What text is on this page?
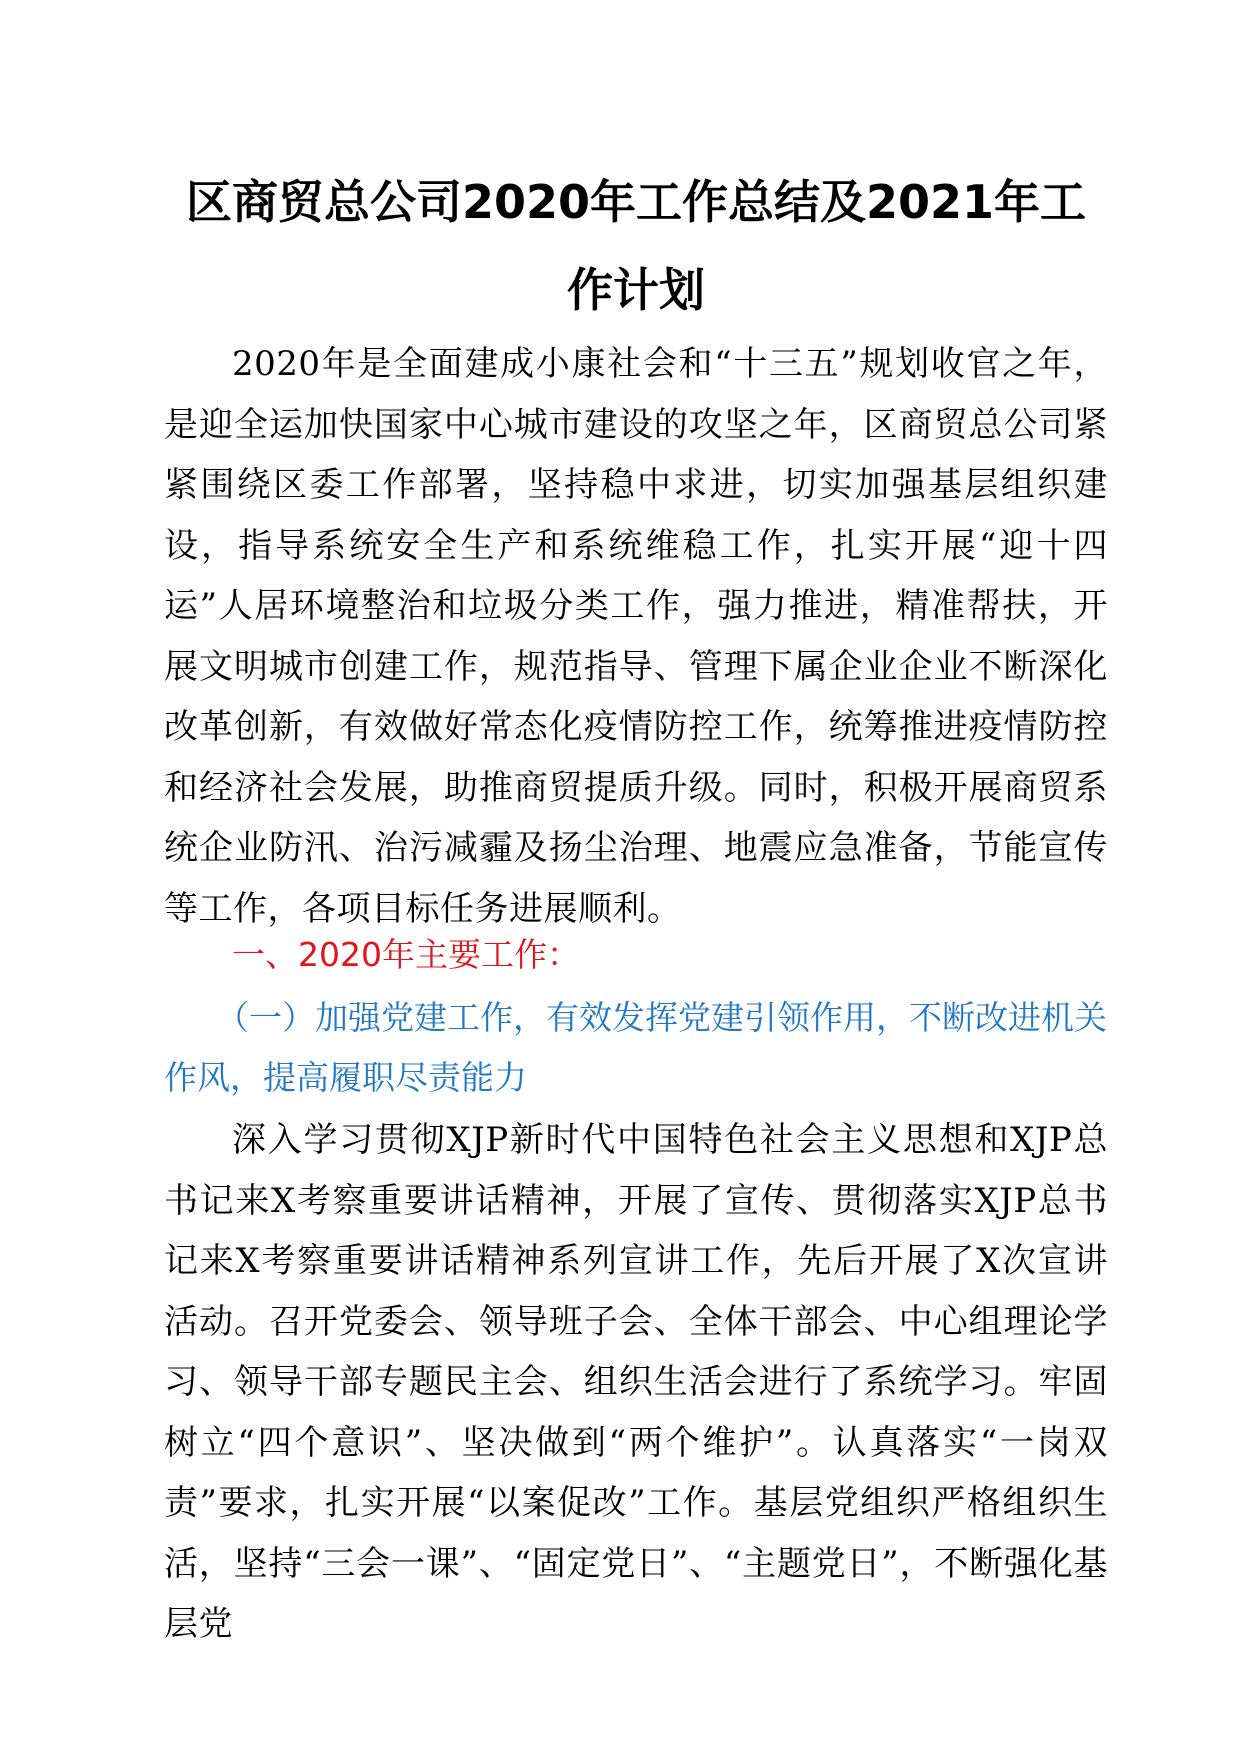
区商贸总公司2020年工作总结及2021年工作计划

2020年是全面建成小康社会和“十三五”规划收官之年，是迎全运加快国家中心城市建设的攻坚之年，区商贸总公司紧紧围绕区委工作部署，坚持稳中求进，切实加强基层组织建设，指导系统安全生产和系统维稳工作，扎实开展“迎十四运”人居环境整治和垃圾分类工作，强力推进，精准帮扶，开展文明城市创建工作，规范指导、管理下属企业企业不断深化改革创新，有效做好常态化疫情防控工作，统筹推进疫情防控和经济社会发展，助推商贸提质升级。同时，积极开展商贸系统企业防汛、治污减霾及扬尘治理、地震应急准备，节能宣传等工作，各项目标任务进展顺利。

一、2020年主要工作：

（一）加强党建工作，有效发挥党建引领作用，不断改进机关作风，提高履职尽责能力

深入学习贯彻XJP新时代中国特色社会主义思想和XJP总书记来X考察重要讲话精神，开展了宣传、贯彻落实XJP总书记来X考察重要讲话精神系列宣讲工作，先后开展了X次宣讲活动。召开党委会、领导班子会、全体干部会、中心组理论学习、领导干部专题民主会、组织生活会进行了系统学习。牢固树立“四个意识”、坚决做到“两个维护”。认真落实“一岗双责”要求，扎实开展“以案促改”工作。基层党组织严格组织生活，坚持“三会一课”、“固定党日”、“主题党日”，不断强化基层党
